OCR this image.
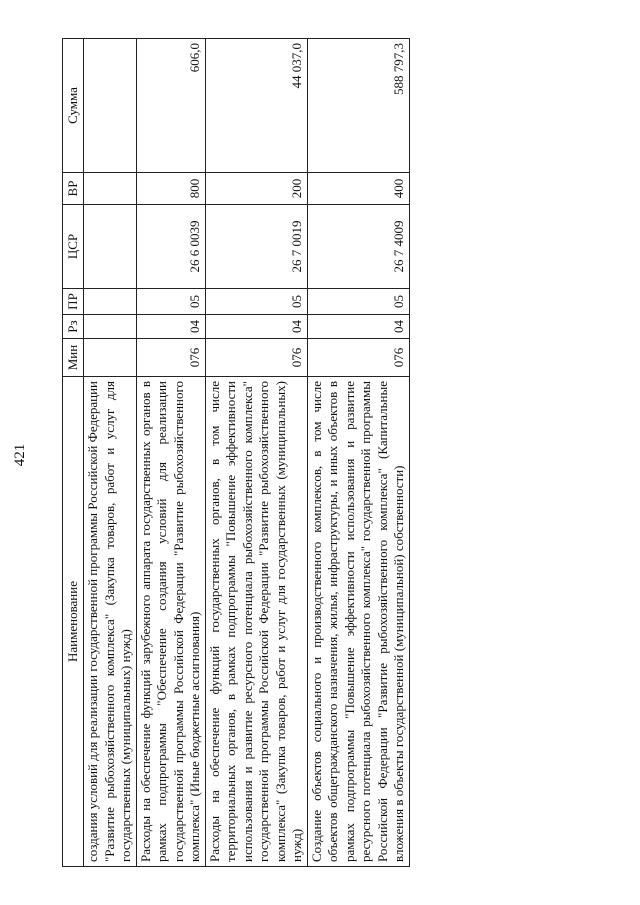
421
Наименование	Мин	Рз	ПР	ЦСР	ВР	Сумма

создания условий для реализации государственной программы Российской Федерации "Развитие рыбохозяйственного комплекса" (Закупка товаров, работ и услуг для государственных (муниципальных) нужд)						

Расходы на обеспечение функций зарубежного аппарата государственных органов в рамках подпрограммы "Обеспечение создания условий для реализации государственной программы Российской Федерации "Развитие рыбохозяйственного комплекса" (Иные бюджетные ассигнования)	076	04	05	26 6 0039	800	606,0

Расходы на обеспечение функций государственных органов, в том числе территориальных органов, в рамках подпрограммы "Повышение эффективности использования и развитие ресурсного потенциала рыбохозяйственного комплекса" государственной программы Российской Федерации "Развитие рыбохозяйственного комплекса" (Закупка товаров, работ и услуг для государственных (муниципальных) нужд)	076	04	05	26 7 0019	200	44 037,0

Создание объектов социального и производственного комплексов, в том числе объектов общегражданского назначения, жилья, инфраструктуры, и иных объектов в рамках подпрограммы "Повышение эффективности использования и развитие ресурсного потенциала рыбохозяйственного комплекса" государственной программы Российской Федерации "Развитие рыбохозяйственного комплекса" (Капитальные вложения в объекты государственной (муниципальной) собственности)	076	04	05	26 7 4009	400	588 797,3
